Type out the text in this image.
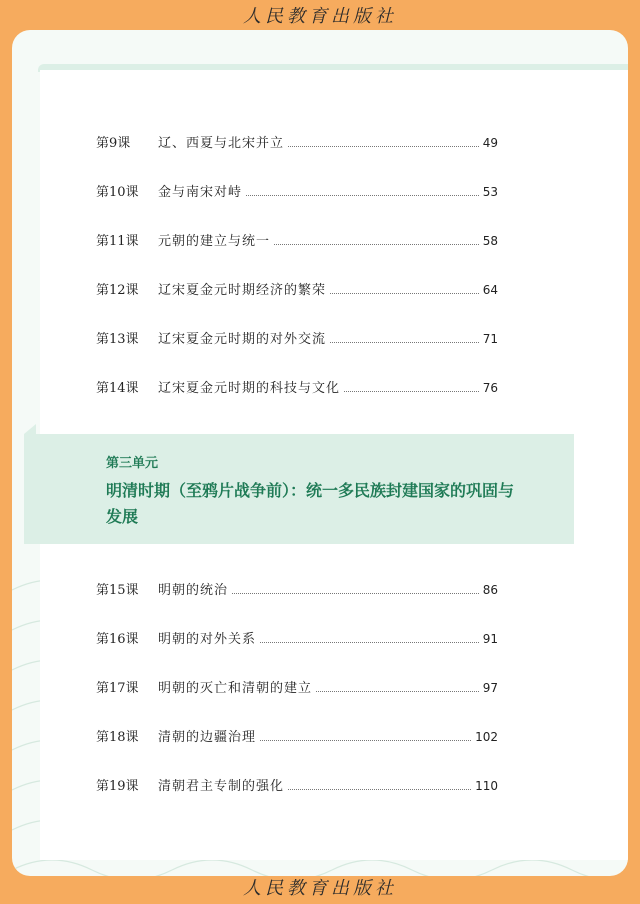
人民教育出版社
第9课	辽、西夏与北宋并立	49
第10课	金与南宋对峙	53
第11课	元朝的建立与统一	58
第12课	辽宋夏金元时期经济的繁荣	64
第13课	辽宋夏金元时期的对外交流	71
第14课	辽宋夏金元时期的科技与文化	76
第三单元
明清时期（至鸦片战争前）：统一多民族封建国家的巩固与发展
第15课	明朝的统治	86
第16课	明朝的对外关系	91
第17课	明朝的灭亡和清朝的建立	97
第18课	清朝的边疆治理	102
第19课	清朝君主专制的强化	110
人民教育出版社
